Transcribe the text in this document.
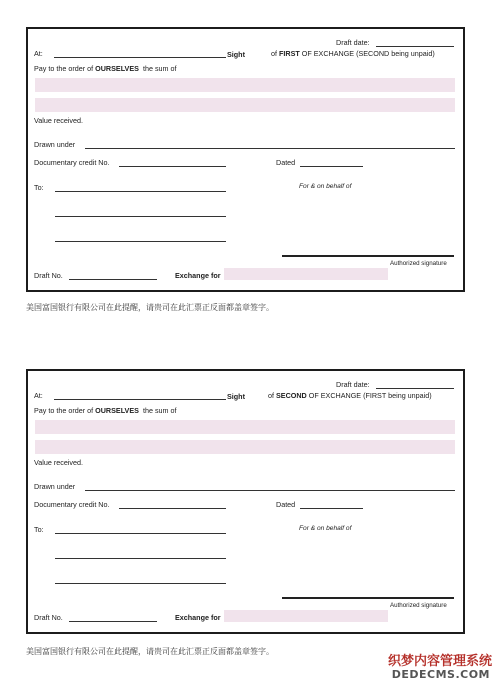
Draft date:
At:	Sight	of FIRST OF EXCHANGE (SECOND being unpaid)
Pay to the order of OURSELVES the sum of
Value received.
Drawn under
Documentary credit No.	Dated
To:	For & on behalf of
Authorized signature
Draft No.	Exchange for
美国富国银行有限公司在此提醒，请贵司在此汇票正反面都盖章签字。
Draft date:
At:	Sight	of SECOND OF EXCHANGE (FIRST being unpaid)
Pay to the order of OURSELVES the sum of
Value received.
Drawn under
Documentary credit No.	Dated
To:	For & on behalf of
Authorized signature
Draft No.	Exchange for
美国富国银行有限公司在此提醒，请贵司在此汇票正反面都盖章签字。
织梦内容管理系统
DEDECMS.COM
